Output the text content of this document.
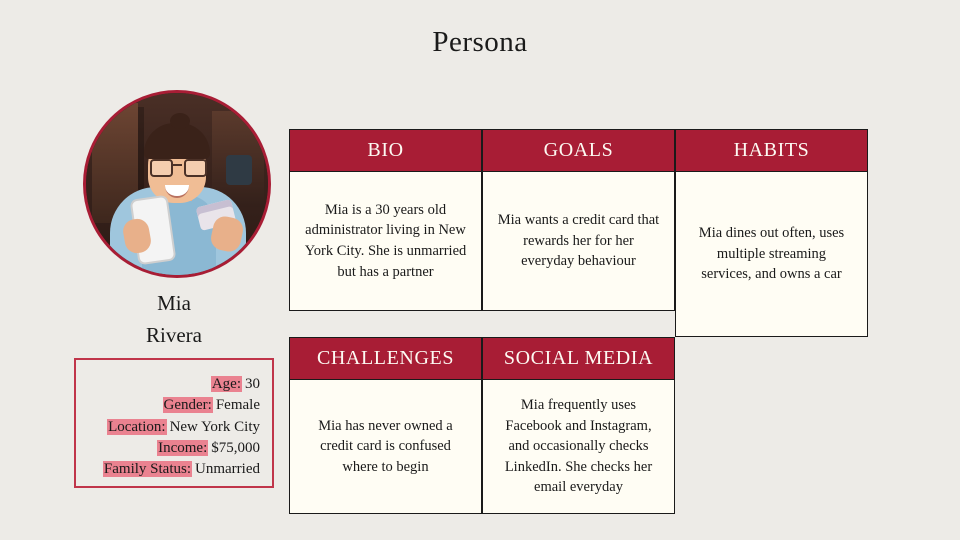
Persona
Mia
Rivera
Age: 30
Gender: Female
Location: New York City
Income: $75,000
Family Status: Unmarried
BIO	GOALS	HABITS
Mia is a 30 years old administrator living in New York City. She is unmarried but has a partner
Mia wants a credit card that rewards her for her everyday behaviour
Mia dines out often, uses multiple streaming services, and owns a car
CHALLENGES	SOCIAL MEDIA
Mia has never owned a credit card is confused where to begin
Mia frequently uses Facebook and Instagram, and occasionally checks LinkedIn. She checks her email everyday
